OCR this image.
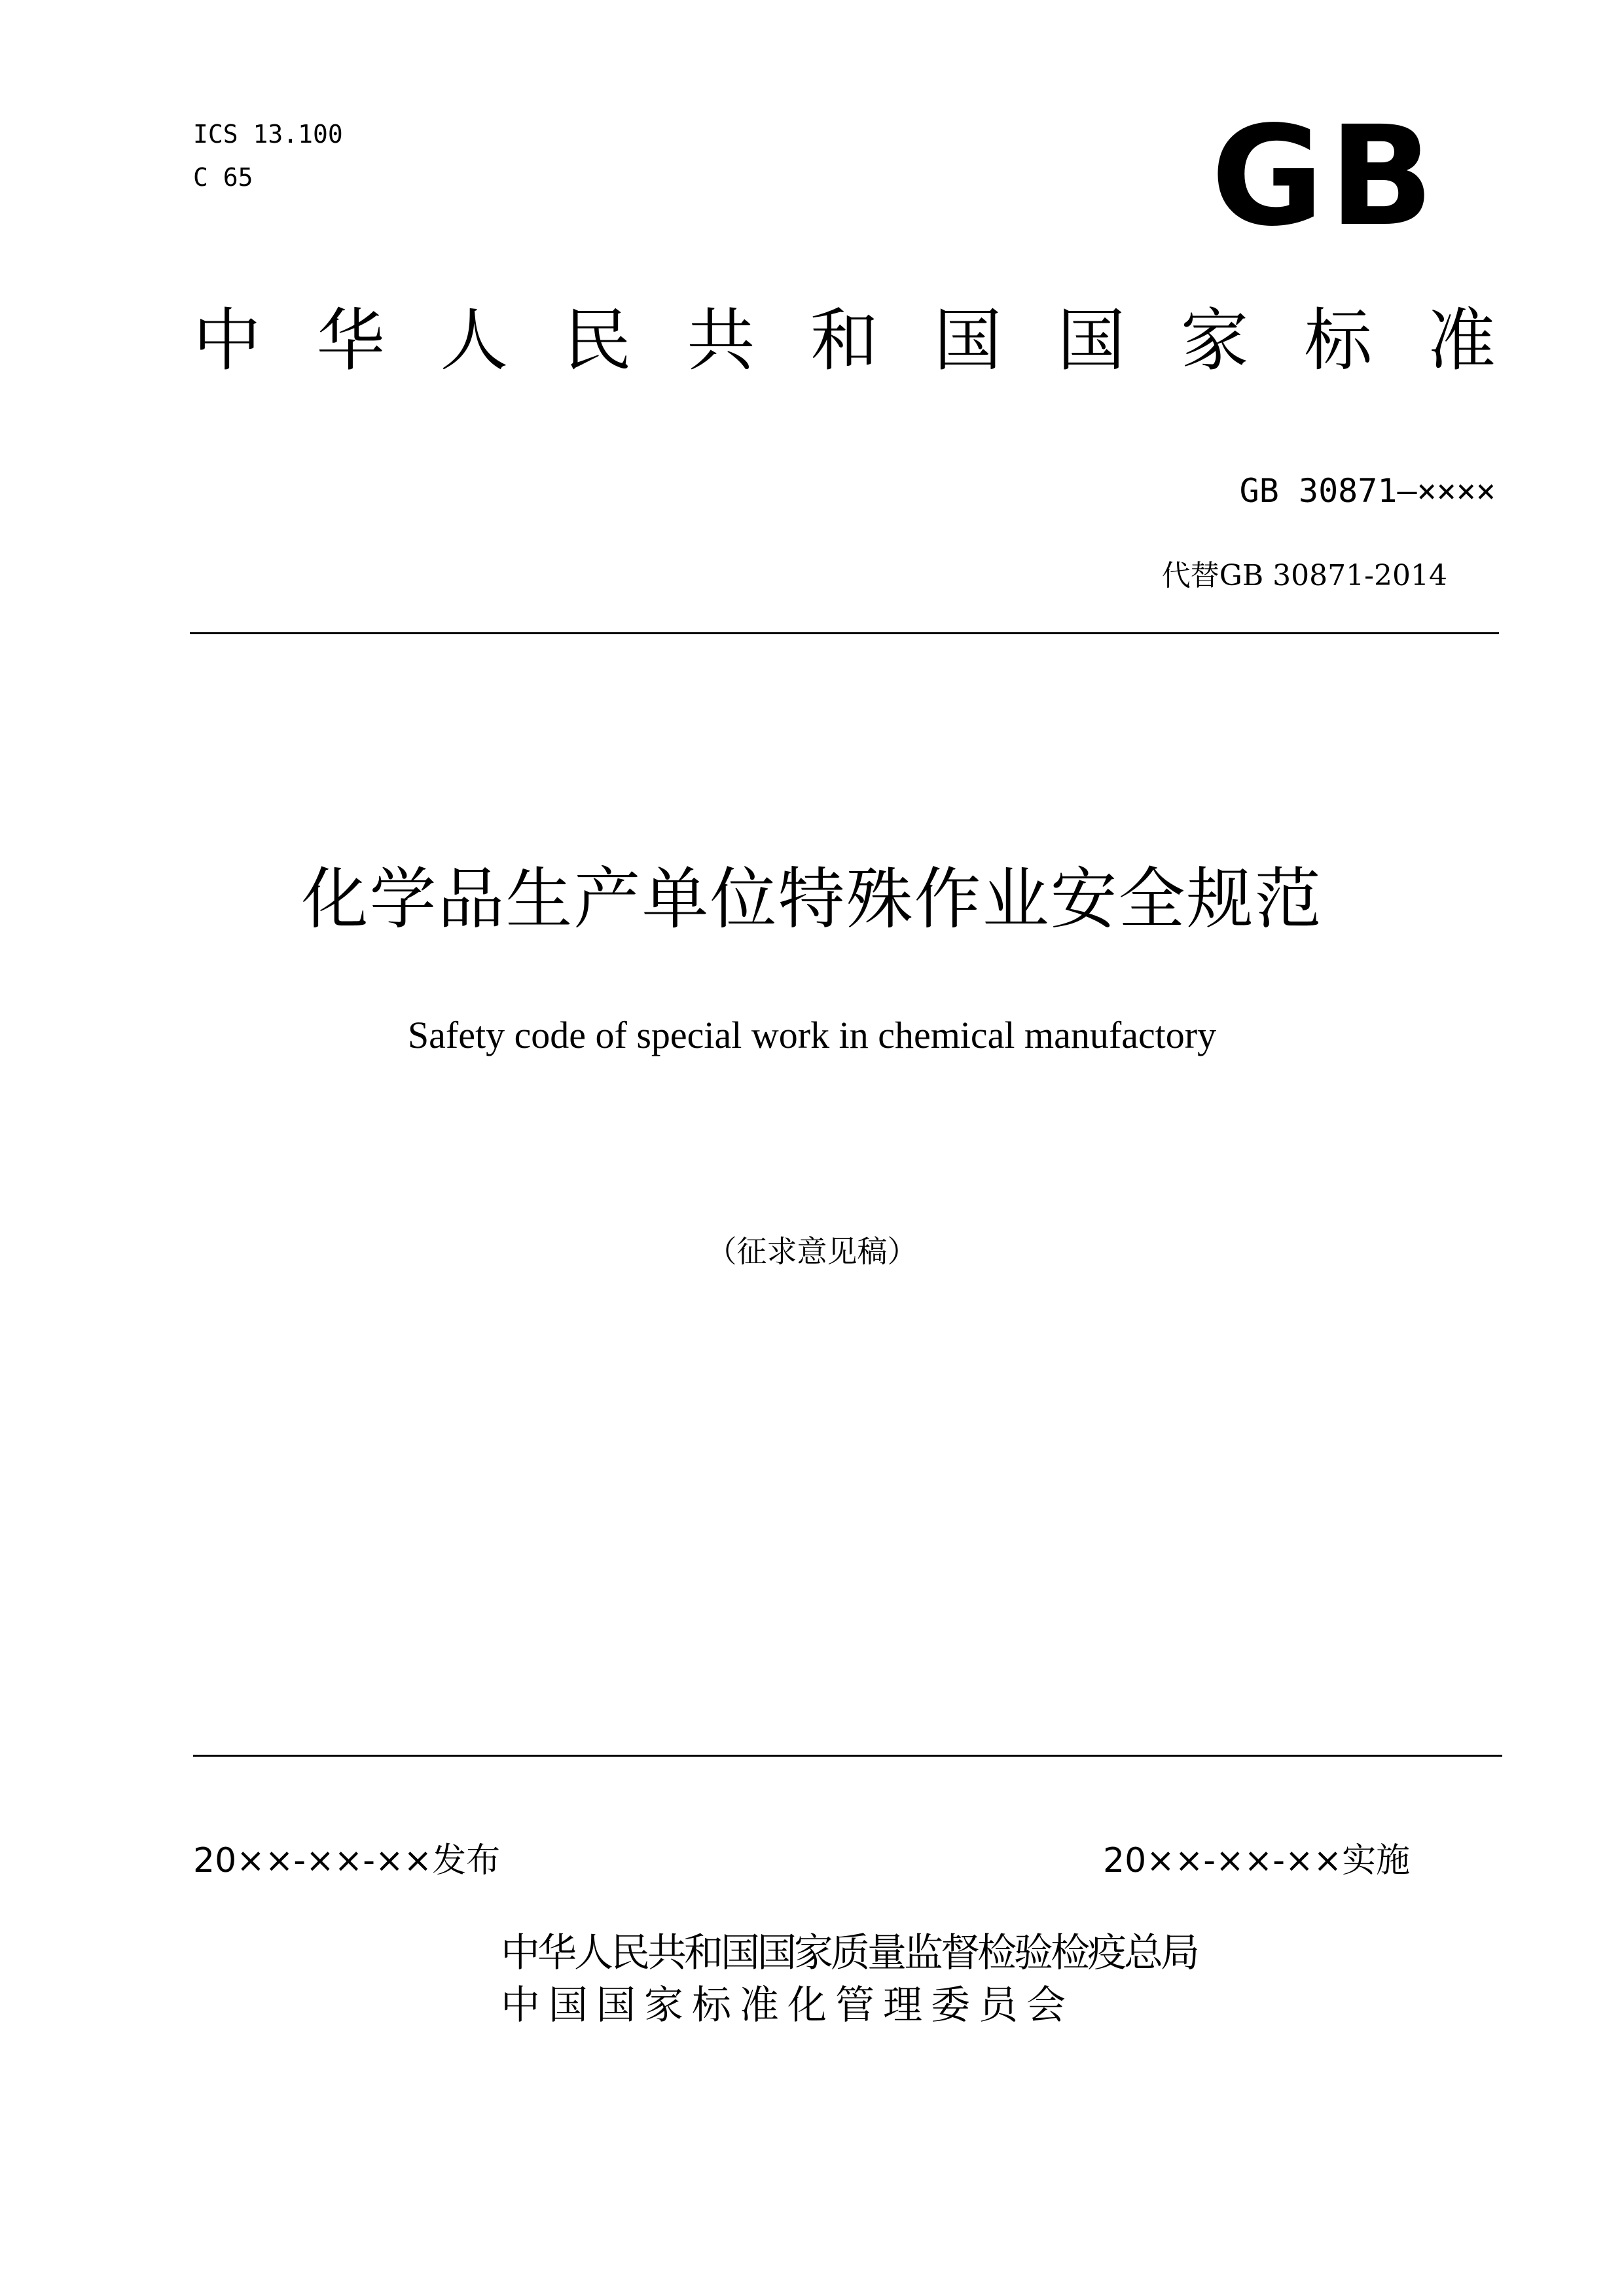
ICS 13.100
C 65	GB
中 华 人 民 共 和 国 国 家 标 准
GB 30871—××××
代替GB 30871-2014
化学品生产单位特殊作业安全规范
Safety code of special work in chemical manufactory
（征求意见稿）
20××-××-××发布	20××-××-××实施
中华人民共和国国家质量监督检验检疫总局
中国国家标准化管理委员会
